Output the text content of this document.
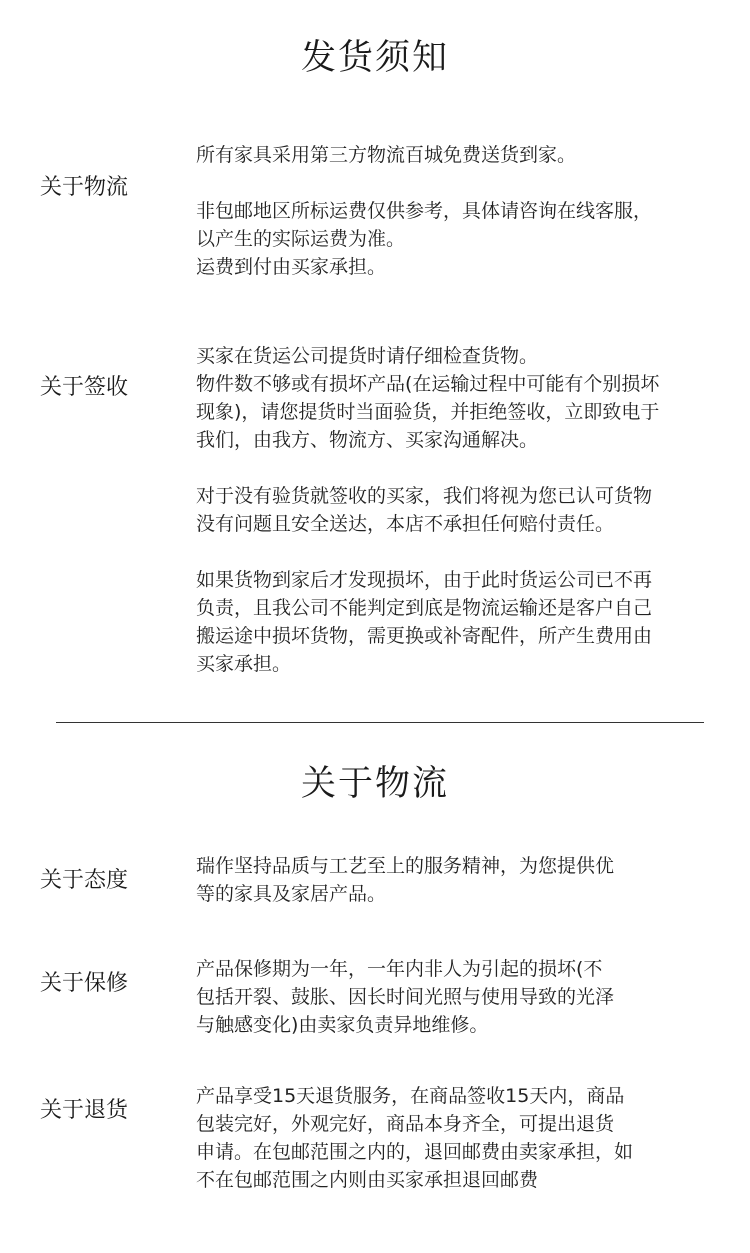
发货须知
关于物流

所有家具采用第三方物流百城免费送货到家。

非包邮地区所标运费仅供参考，具体请咨询在线客服，

以产生的实际运费为准。

运费到付由买家承担。

关于签收

买家在货运公司提货时请仔细检查货物。

物件数不够或有损坏产品(在运输过程中可能有个别损坏

现象)，请您提货时当面验货，并拒绝签收，立即致电于

我们，由我方、物流方、买家沟通解决。

对于没有验货就签收的买家，我们将视为您已认可货物

没有问题且安全送达，本店不承担任何赔付责任。

如果货物到家后才发现损坏，由于此时货运公司已不再

负责，且我公司不能判定到底是物流运输还是客户自己

搬运途中损坏货物，需更换或补寄配件，所产生费用由

买家承担。

关于物流
关于态度

瑞作坚持品质与工艺至上的服务精神，为您提供优

等的家具及家居产品。

关于保修

产品保修期为一年，一年内非人为引起的损坏(不

包括开裂、鼓胀、因长时间光照与使用导致的光泽

与触感变化)由卖家负责异地维修。

关于退货

产品享受15天退货服务，在商品签收15天内，商品

包装完好，外观完好，商品本身齐全，可提出退货

申请。在包邮范围之内的，退回邮费由卖家承担，如

不在包邮范围之内则由买家承担退回邮费
